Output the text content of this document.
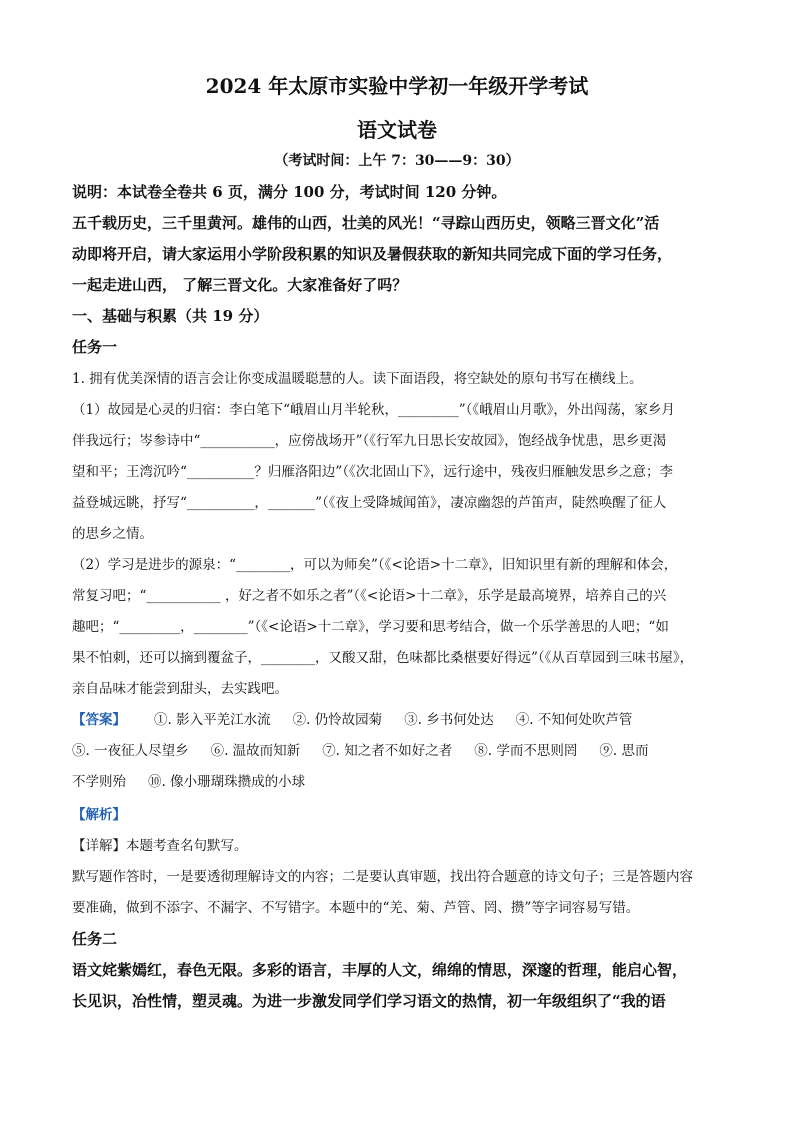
2024 年太原市实验中学初一年级开学考试
语文试卷
（考试时间：上午 7：30——9：30）

说明：本试卷全卷共 6 页，满分 100 分，考试时间 120 分钟。

五千载历史，三千里黄河。雄伟的山西，壮美的风光！“寻踪山西历史，领略三晋文化”活

动即将开启，请大家运用小学阶段积累的知识及暑假获取的新知共同完成下面的学习任务，

一起走进山西， 了解三晋文化。大家准备好了吗？

一、基础与积累（共 19 分）

任务一

1. 拥有优美深情的语言会让你变成温暖聪慧的人。读下面语段，将空缺处的原句书写在横线上。

（1）故园是心灵的归宿：李白笔下“峨眉山月半轮秋，_________”（《峨眉山月歌》，外出闯荡，家乡月

伴我远行；岑参诗中“___________，应傍战场开”（《行军九日思长安故园》，饱经战争忧患，思乡更渴

望和平；王湾沉吟“__________？归雁洛阳边”（《次北固山下》，远行途中，残夜归雁触发思乡之意；李

益登城远眺，抒写“__________，_______”（《夜上受降城闻笛》，凄凉幽怨的芦笛声，陡然唤醒了征人

的思乡之情。

（2）学习是进步的源泉：“________，可以为师矣”（《<论语>十二章》，旧知识里有新的理解和体会，

常复习吧；“___________ ，好之者不如乐之者”（《<论语>十二章》，乐学是最高境界，培养自己的兴

趣吧；“_________，________”（《<论语>十二章》，学习要和思考结合，做一个乐学善思的人吧；“如

果不怕刺，还可以摘到覆盆子，________，又酸又甜，色味都比桑椹要好得远”（《从百草园到三味书屋》，

亲自品味才能尝到甜头，去实践吧。

【答案】 ①. 影入平羌江水流 ②. 仍怜故园菊 ③. 乡书何处达 ④. 不知何处吹芦管

⑤. 一夜征人尽望乡 ⑥. 温故而知新 ⑦. 知之者不如好之者 ⑧. 学而不思则罔 ⑨. 思而

不学则殆 ⑩. 像小珊瑚珠攒成的小球

【解析】

【详解】本题考查名句默写。

默写题作答时，一是要透彻理解诗文的内容；二是要认真审题，找出符合题意的诗文句子；三是答题内容

要准确，做到不添字、不漏字、不写错字。本题中的“羌、菊、芦管、罔、攒”等字词容易写错。

任务二

语文姹紫嫣红，春色无限。多彩的语言，丰厚的人文，绵绵的情思，深邃的哲理，能启心智，

长见识，冶性情，塑灵魂。为进一步激发同学们学习语文的热情，初一年级组织了“我的语
